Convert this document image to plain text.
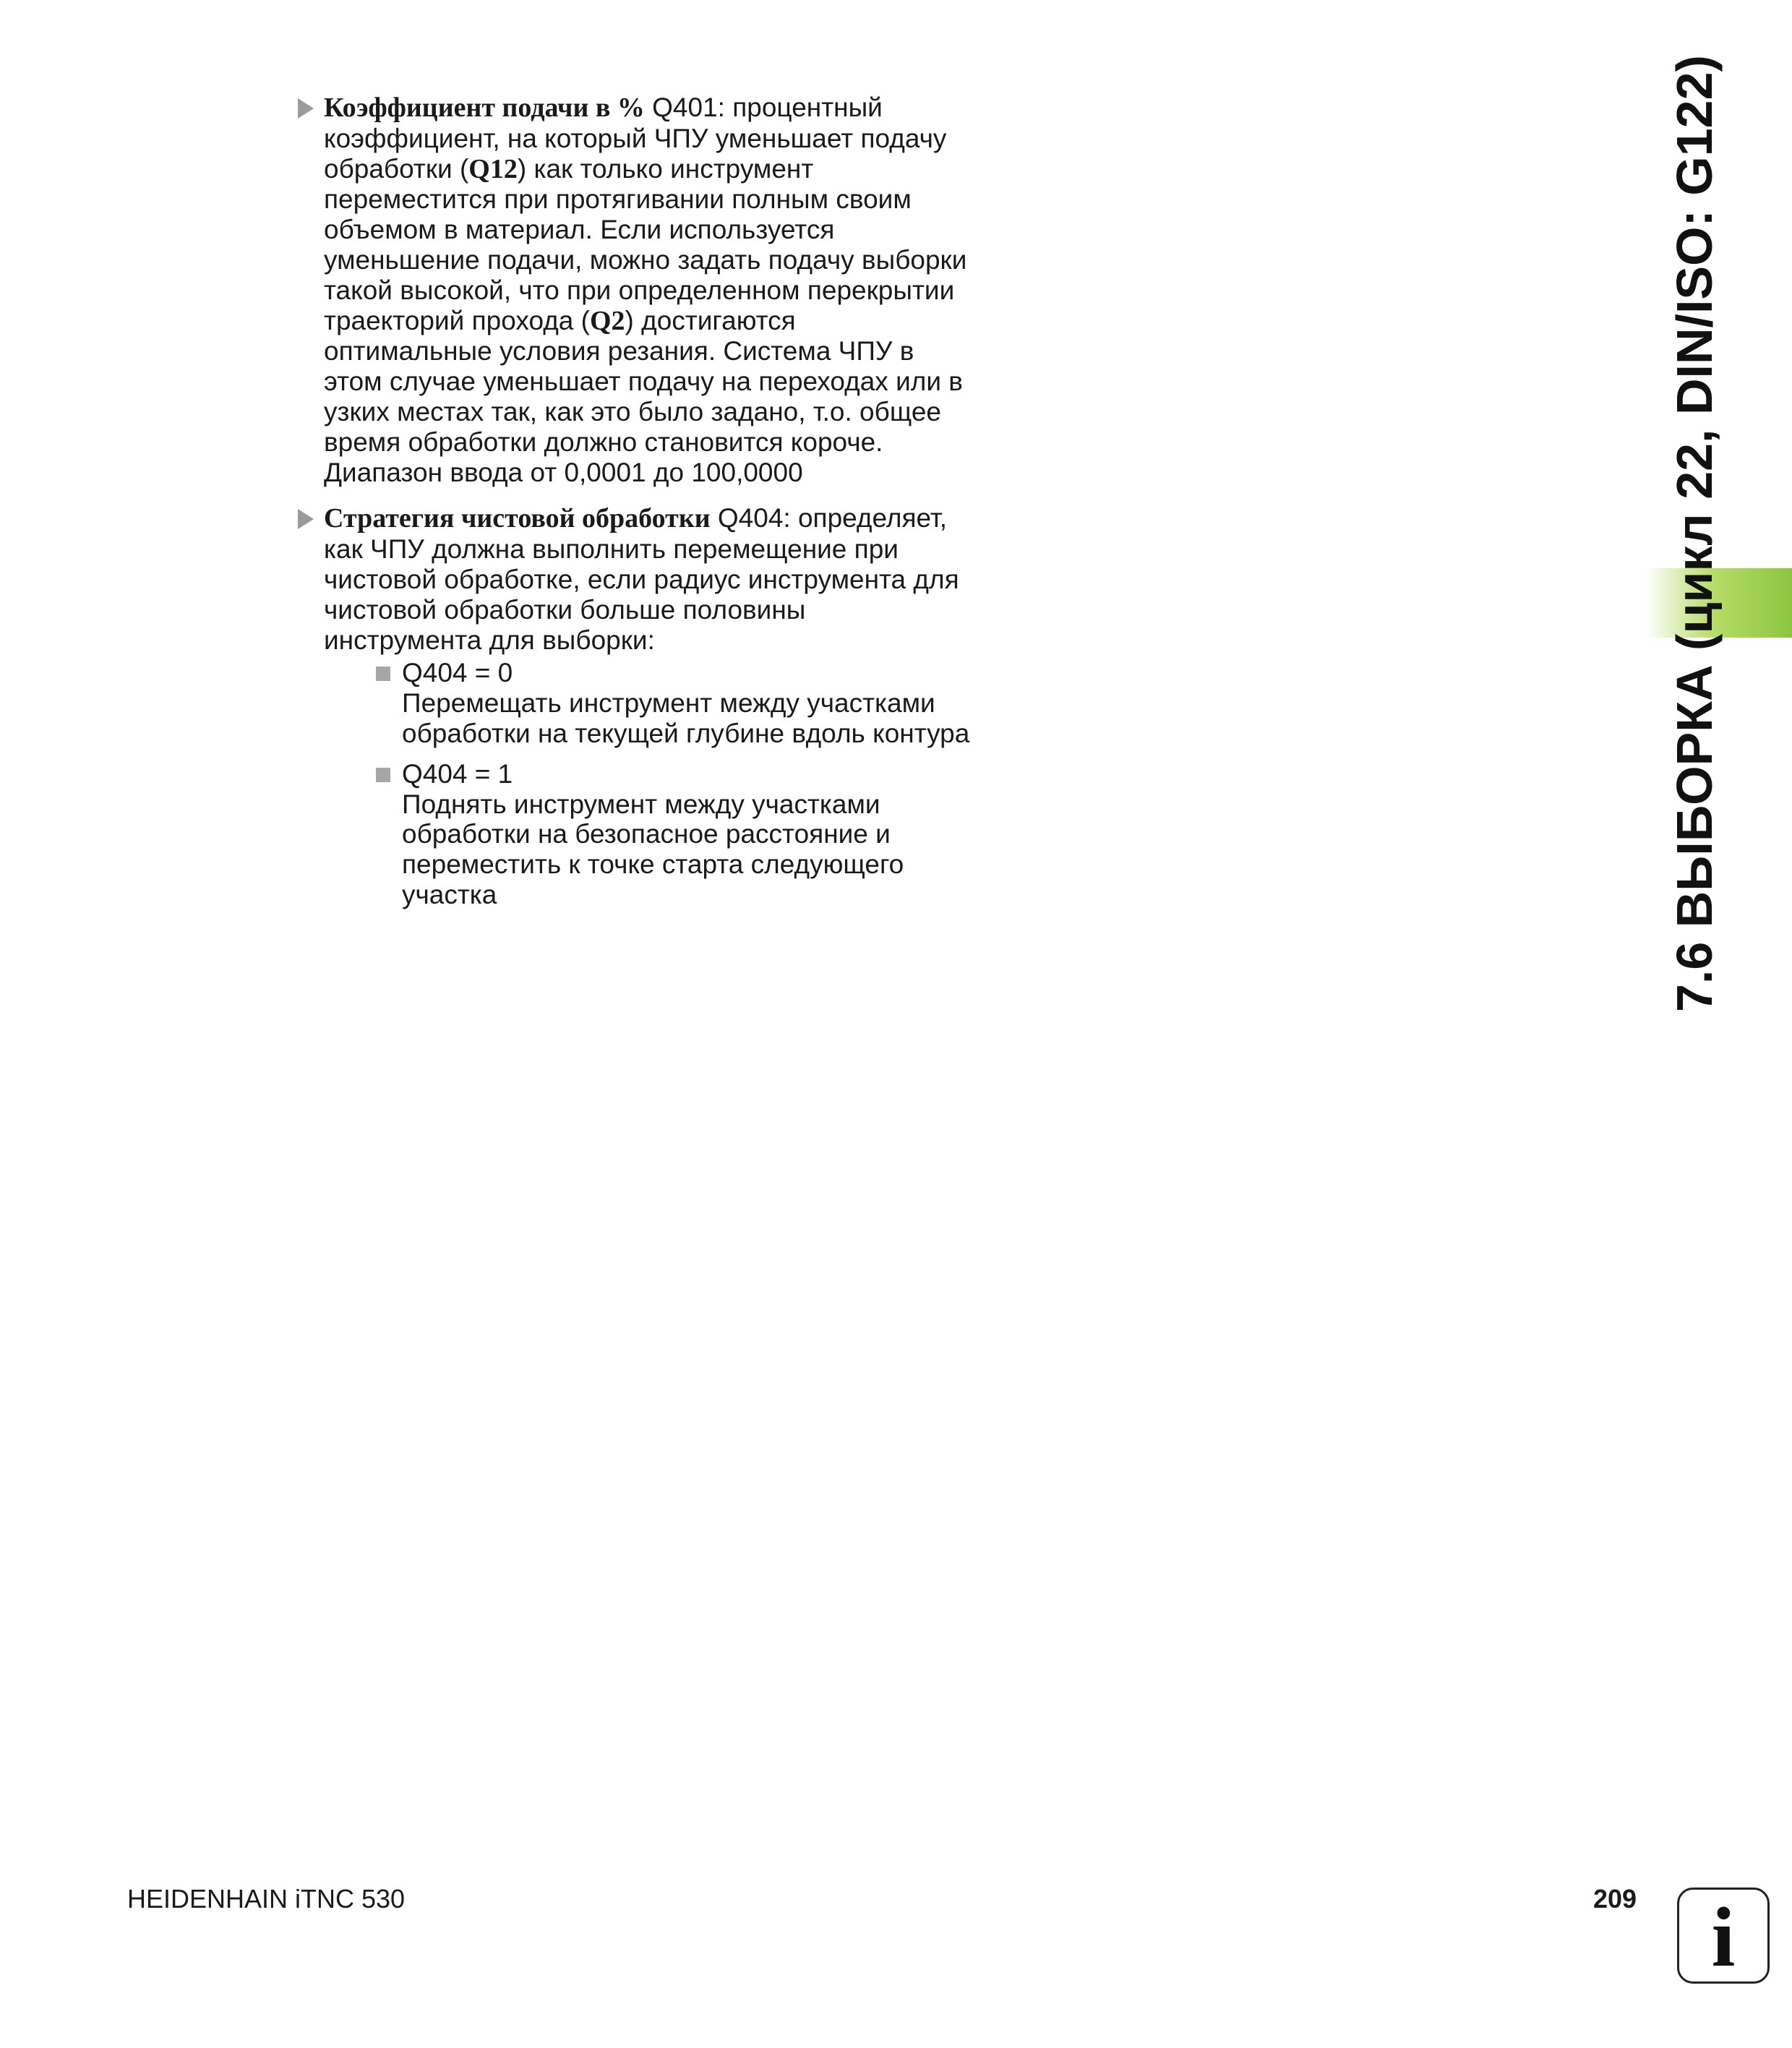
Коэффициент подачи в % Q401: процентный коэффициент, на который ЧПУ уменьшает подачу обработки (Q12) как только инструмент переместится при протягивании полным своим объемом в материал. Если используется уменьшение подачи, можно задать подачу выборки такой высокой, что при определенном перекрытии траекторий прохода (Q2) достигаются оптимальные условия резания. Система ЧПУ в этом случае уменьшает подачу на переходах или в узких местах так, как это было задано, т.о. общее время обработки должно становится короче. Диапазон ввода от 0,0001 до 100,0000
Стратегия чистовой обработки Q404: определяет, как ЧПУ должна выполнить перемещение при чистовой обработке, если радиус инструмента для чистовой обработки больше половины инструмента для выборки:
Q404 = 0
Перемещать инструмент между участками обработки на текущей глубине вдоль контура
Q404 = 1
Поднять инструмент между участками обработки на безопасное расстояние и переместить к точке старта следующего участка	7.6 ВЫБОРКА (цикл 22, DIN/ISO: G122)
HEIDENHAIN iTNC 530	209 i
